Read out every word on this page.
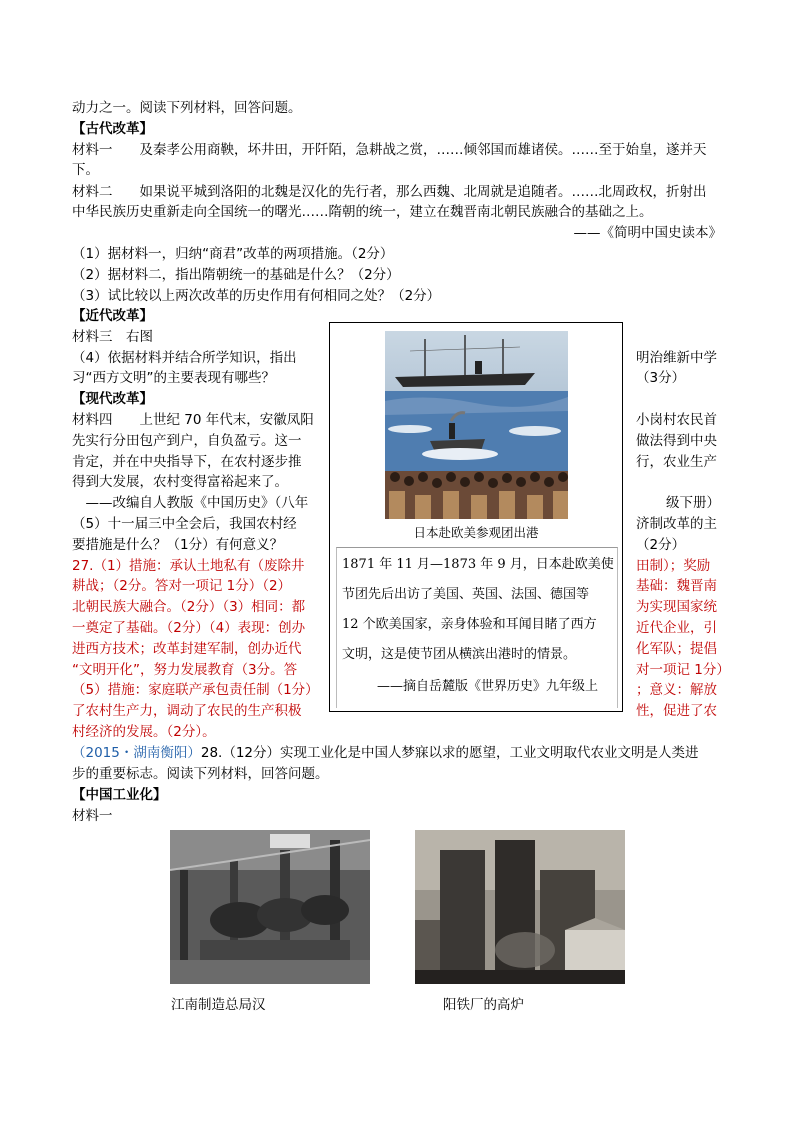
动力之一。阅读下列材料，回答问题。
【古代改革】
材料一　　及秦孝公用商鞅，坏井田，开阡陌，急耕战之赏，……倾邻国而雄诸侯。……至于始皇，遂并天
下。
材料二　　如果说平城到洛阳的北魏是汉化的先行者，那么西魏、北周就是追随者。……北周政权，折射出
中华民族历史重新走向全国统一的曙光……隋朝的统一，建立在魏晋南北朝民族融合的基础之上。
——《简明中国史读本》
（1）据材料一，归纳“商君”改革的两项措施。（2分）
（2）据材料二，指出隋朝统一的基础是什么？（2分）
（3）试比较以上两次改革的历史作用有何相同之处？（2分）
【近代改革】
材料三　右图
（4）依据材料并结合所学知识，指出	明治维新中学
习“西方文明”的主要表现有哪些？	（3分）
【现代改革】
材料四　　上世纪 70 年代末，安徽凤阳	小岗村农民首
先实行分田包产到户，自负盈亏。这一	做法得到中央
肯定，并在中央指导下，在农村逐步推	行，农业生产
得到大发展，农村变得富裕起来了。
　——改编自人教版《中国历史》（八年	级下册）
（5）十一届三中全会后，我国农村经	济制改革的主
要措施是什么？（1分）有何意义？	（2分）
27.（1）措施：承认土地私有（废除井	田制）；奖励
耕战；（2分。答对一项记 1分）（2）	基础：魏晋南
北朝民族大融合。（2分）（3）相同：都	为实现国家统
一奠定了基础。（2分）（4）表现：创办	近代企业，引
进西方技术；改革封建军制，创办近代	化军队；提倡
“文明开化”，努力发展教育（3分。答	对一项记 1分）
（5）措施：家庭联产承包责任制（1分）	；意义：解放
了农村生产力，调动了农民的生产积极	性，促进了农
村经济的发展。（2分）。
日本赴欧美参观团出港
1871 年 11 月—1873 年 9 月，日本赴欧美使
节团先后出访了美国、英国、法国、德国等
12 个欧美国家，亲身体验和耳闻目睹了西方
文明，这是使节团从横滨出港时的情景。
——摘自岳麓版《世界历史》九年级上
（2015・湖南衡阳）28.（12分）实现工业化是中国人梦寐以求的愿望，工业文明取代农业文明是人类进
步的重要标志。阅读下列材料，回答问题。
【中国工业化】
材料一
江南制造总局汉	阳铁厂的高炉
